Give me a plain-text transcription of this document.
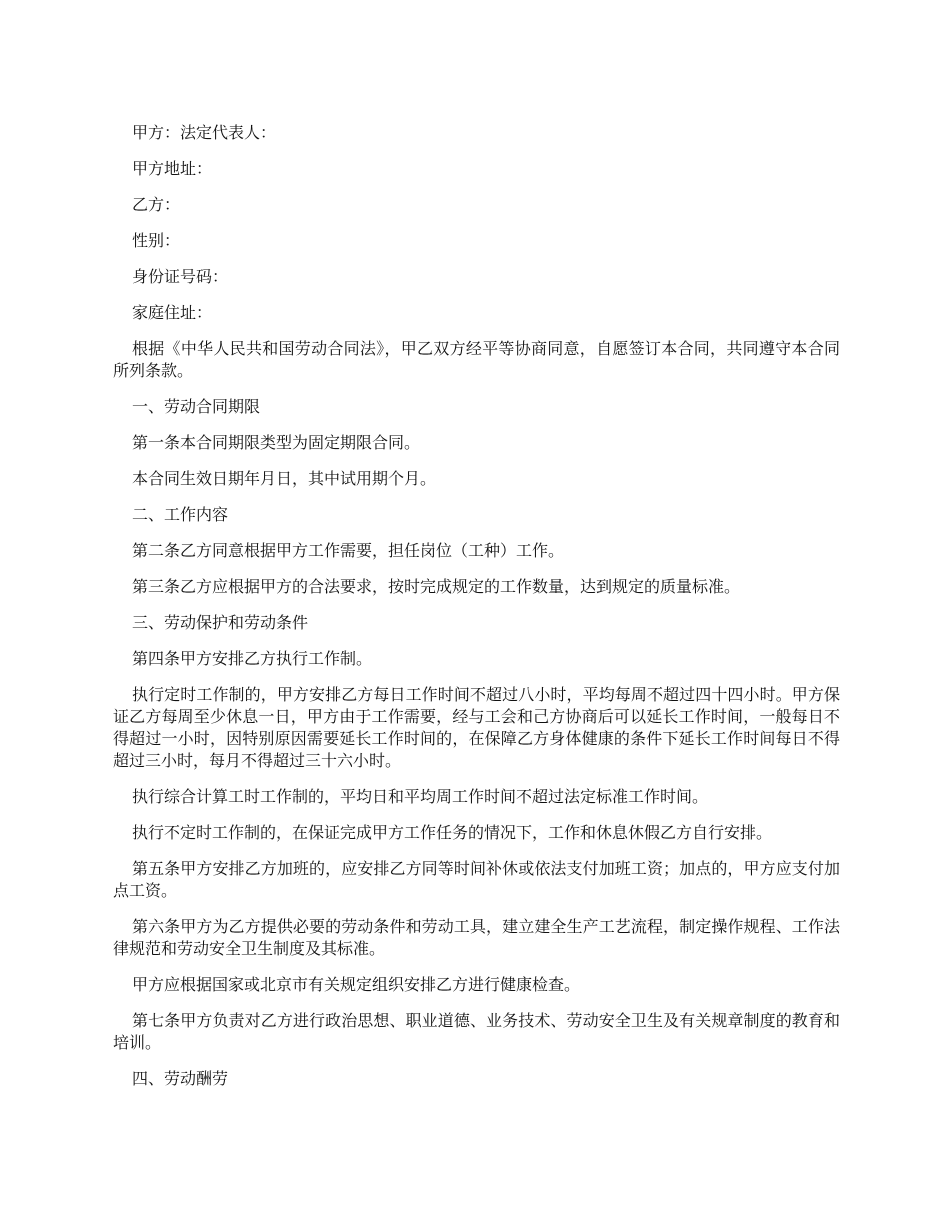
甲方：法定代表人：

甲方地址：

乙方：

性别：

身份证号码：

家庭住址：

根据《中华人民共和国劳动合同法》，甲乙双方经平等协商同意，自愿签订本合同，共同遵守本合同所列条款。

一、劳动合同期限

第一条本合同期限类型为固定期限合同。

本合同生效日期年月日，其中试用期个月。

二、工作内容

第二条乙方同意根据甲方工作需要，担任岗位（工种）工作。

第三条乙方应根据甲方的合法要求，按时完成规定的工作数量，达到规定的质量标准。

三、劳动保护和劳动条件

第四条甲方安排乙方执行工作制。

执行定时工作制的，甲方安排乙方每日工作时间不超过八小时，平均每周不超过四十四小时。甲方保证乙方每周至少休息一日，甲方由于工作需要，经与工会和己方协商后可以延长工作时间，一般每日不得超过一小时，因特别原因需要延长工作时间的，在保障乙方身体健康的条件下延长工作时间每日不得超过三小时，每月不得超过三十六小时。

执行综合计算工时工作制的，平均日和平均周工作时间不超过法定标准工作时间。

执行不定时工作制的，在保证完成甲方工作任务的情况下，工作和休息休假乙方自行安排。

第五条甲方安排乙方加班的，应安排乙方同等时间补休或依法支付加班工资；加点的，甲方应支付加点工资。

第六条甲方为乙方提供必要的劳动条件和劳动工具，建立建全生产工艺流程，制定操作规程、工作法律规范和劳动安全卫生制度及其标准。

甲方应根据国家或北京市有关规定组织安排乙方进行健康检查。

第七条甲方负责对乙方进行政治思想、职业道德、业务技术、劳动安全卫生及有关规章制度的教育和培训。

四、劳动酬劳
